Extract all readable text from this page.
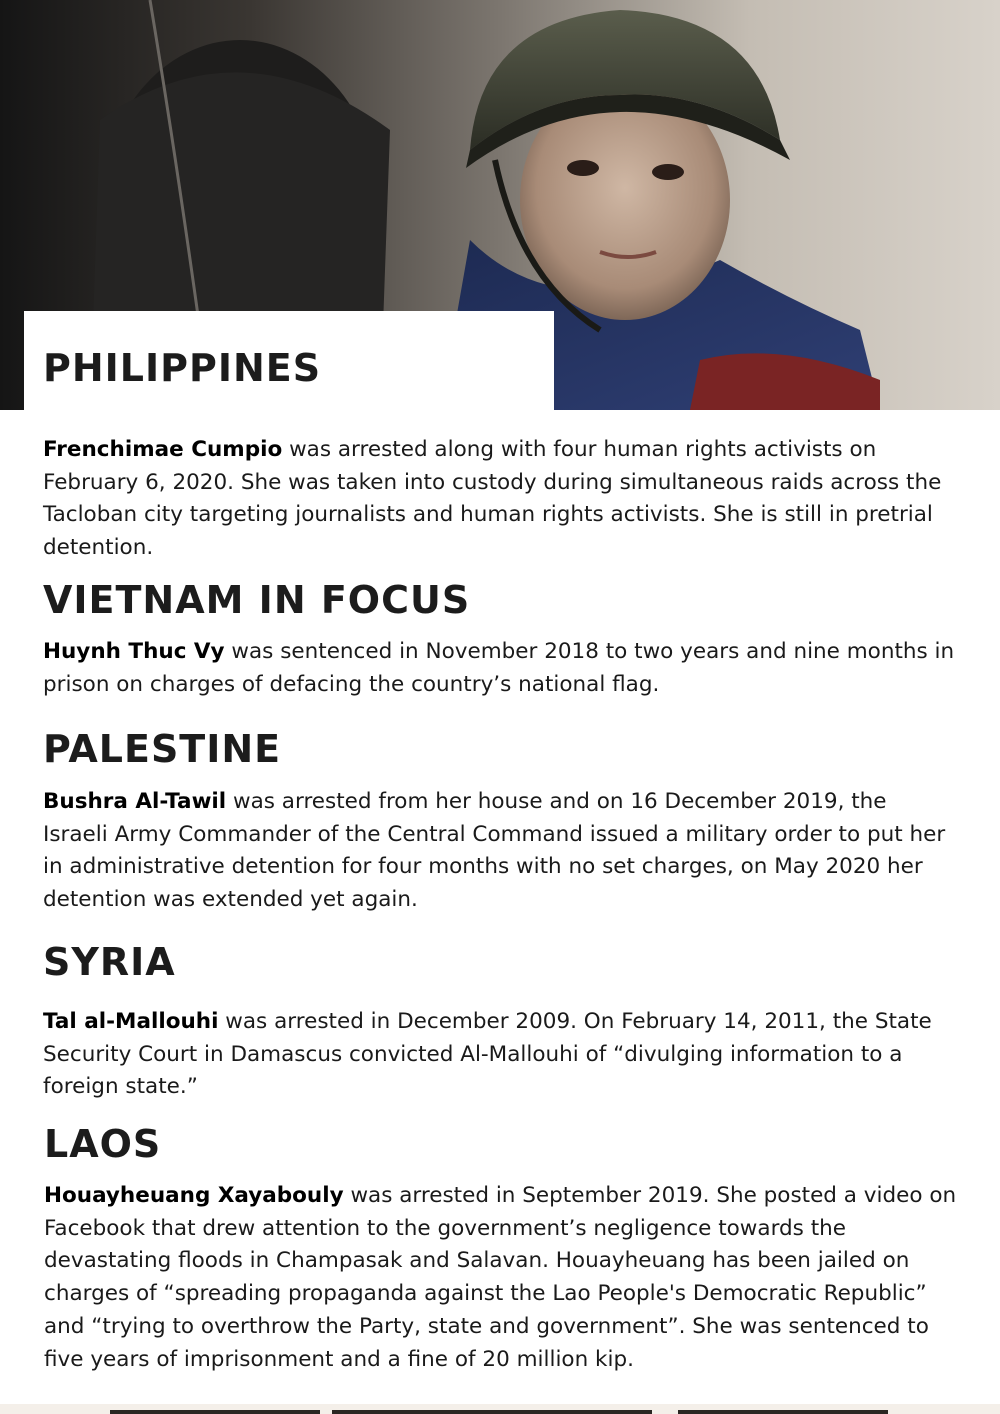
PHILIPPINES

Frenchimae Cumpio was arrested along with four human rights activists on February 6, 2020. She was taken into custody during simultaneous raids across the Tacloban city targeting journalists and human rights activists. She is still in pretrial detention.

VIETNAM IN FOCUS

Huynh Thuc Vy was sentenced in November 2018 to two years and nine months in prison on charges of defacing the country’s national flag.

PALESTINE

Bushra Al-Tawil was arrested from her house and on 16 December 2019, the Israeli Army Commander of the Central Command issued a military order to put her in administrative detention for four months with no set charges, on May 2020 her detention was extended yet again.

SYRIA

Tal al-Mallouhi was arrested in December 2009. On February 14, 2011, the State Security Court in Damascus convicted Al-Mallouhi of “divulging information to a foreign state.”

LAOS

Houayheuang Xayabouly was arrested in September 2019. She posted a video on Facebook that drew attention to the government’s negligence towards the devastating floods in Champasak and Salavan. Houayheuang has been jailed on charges of “spreading propaganda against the Lao People's Democratic Republic” and “trying to overthrow the Party, state and government”. She was sentenced to five years of imprisonment and a fine of 20 million kip.
